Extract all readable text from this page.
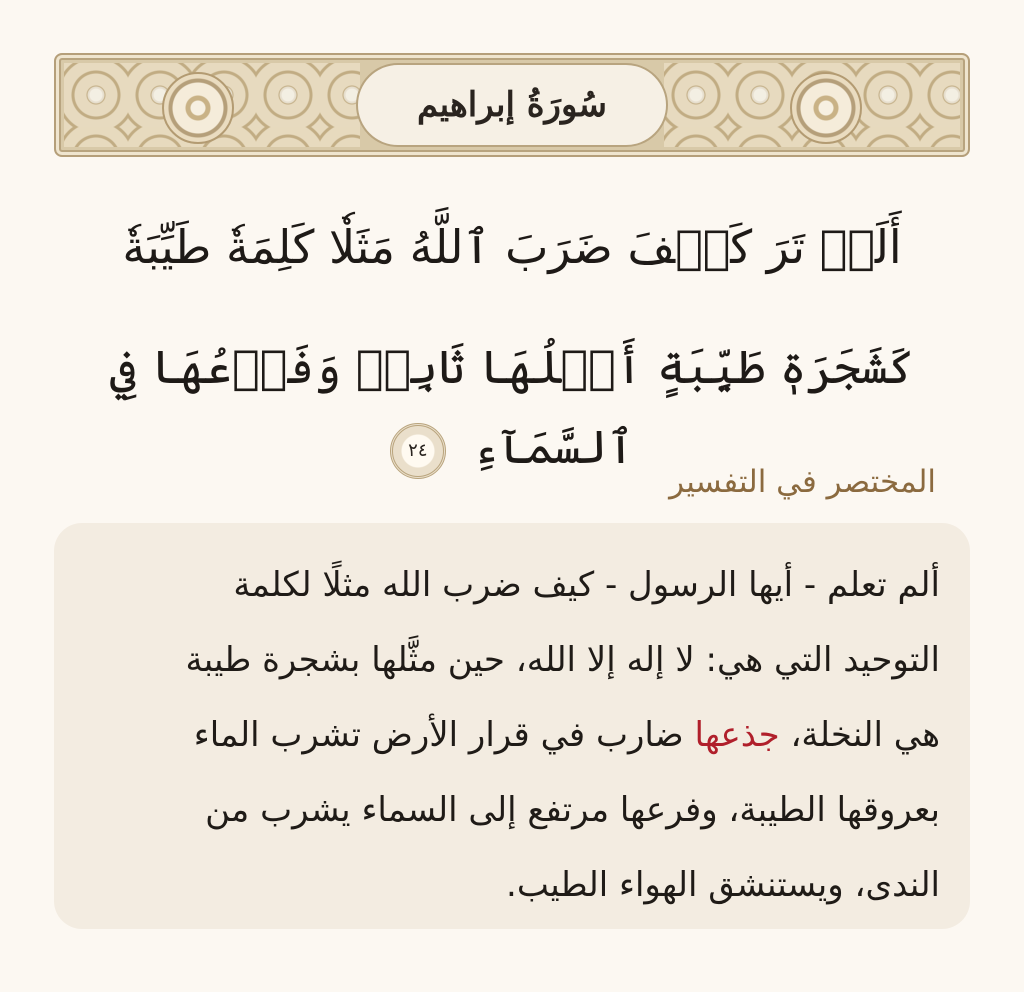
سُورَةُ إبراهيم
أَلَمۡ تَرَ كَيۡفَ ضَرَبَ ٱللَّهُ مَثَلٗا كَلِمَةٗ طَيِّبَةٗ
كَشَجَرَةٖ طَيِّبَةٍ أَصۡلُهَا ثَابِتٞ وَفَرۡعُهَا فِي ٱلسَّمَآءِ ٢٤
المختصر في التفسير
ألم تعلم - أيها الرسول - كيف ضرب الله مثلًا لكلمة
التوحيد التي هي: لا إله إلا الله، حين مثَّلها بشجرة طيبة
هي النخلة، جذعها ضارب في قرار الأرض تشرب الماء
بعروقها الطيبة، وفرعها مرتفع إلى السماء يشرب من
الندى، ويستنشق الهواء الطيب.
